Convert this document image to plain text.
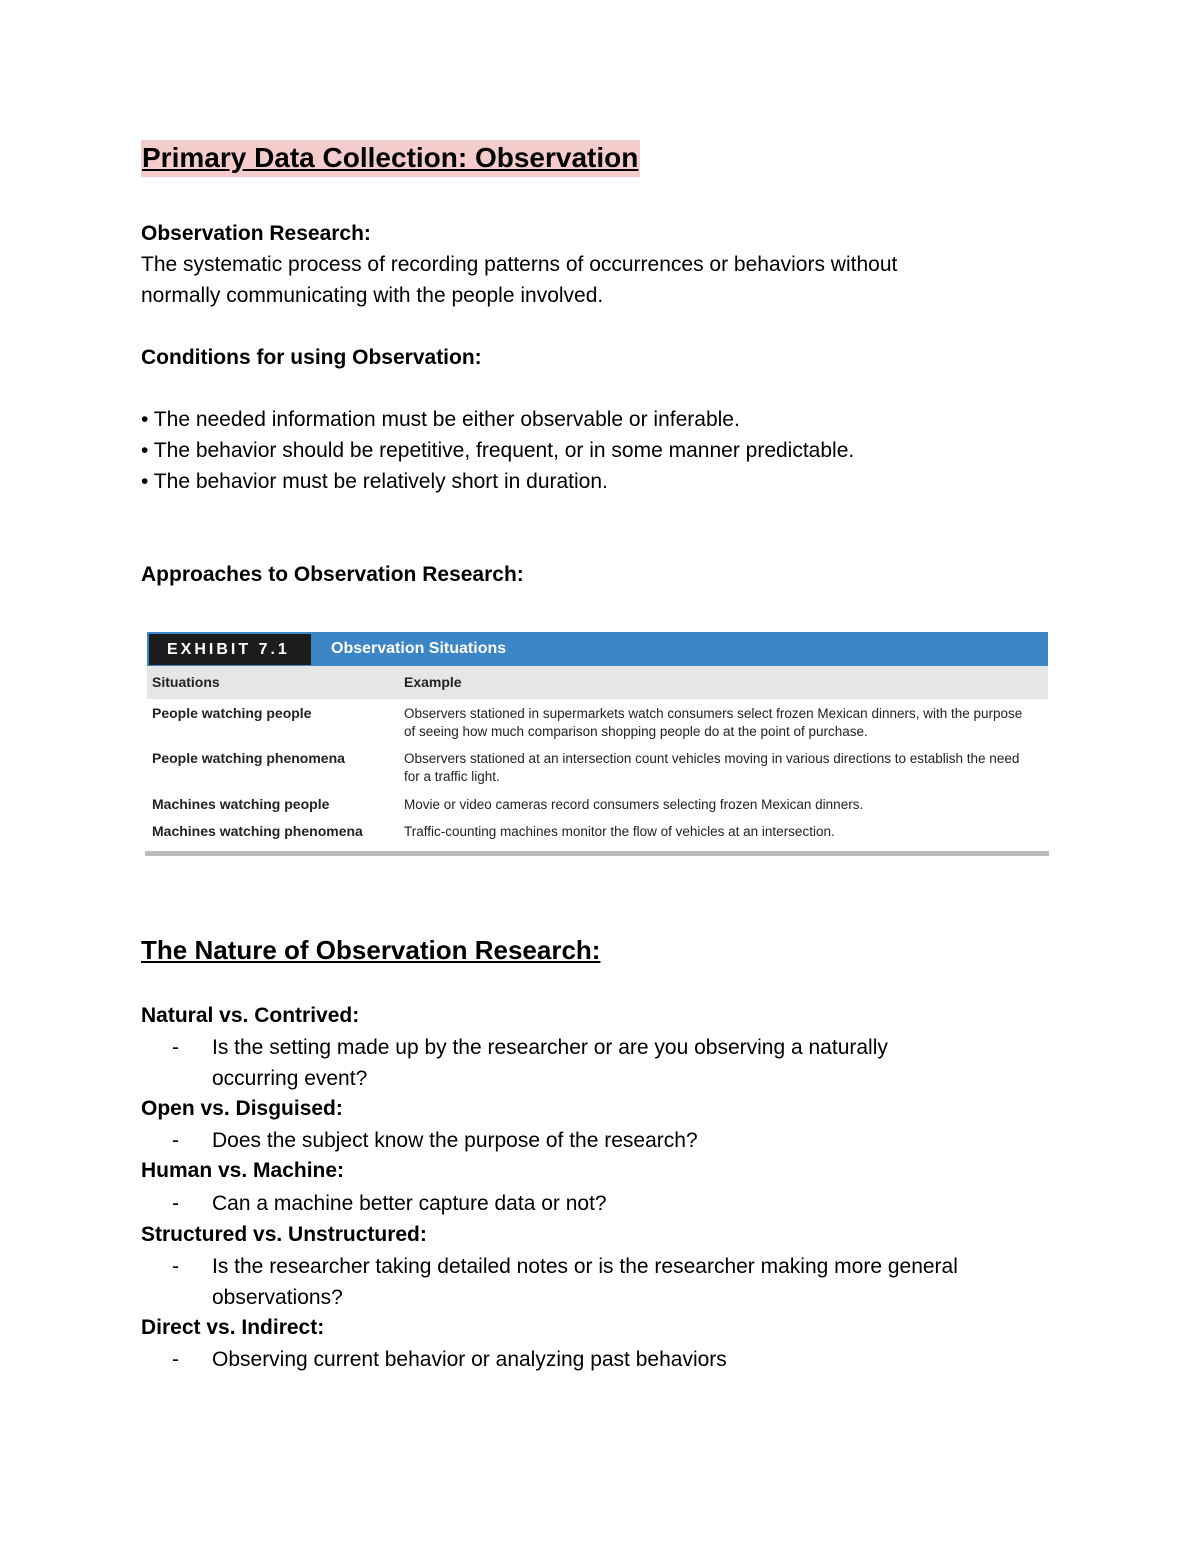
Primary Data Collection: Observation
Observation Research:
The systematic process of recording patterns of occurrences or behaviors without
normally communicating with the people involved.
Conditions for using Observation:
• The needed information must be either observable or inferable.
• The behavior should be repetitive, frequent, or in some manner predictable.
• The behavior must be relatively short in duration.
Approaches to Observation Research:
EXHIBIT 7.1	Observation Situations
Situations	Example
People watching people	Observers stationed in supermarkets watch consumers select frozen Mexican dinners, with the purpose of seeing how much comparison shopping people do at the point of purchase.
People watching phenomena	Observers stationed at an intersection count vehicles moving in various directions to establish the need for a traffic light.
Machines watching people	Movie or video cameras record consumers selecting frozen Mexican dinners.
Machines watching phenomena	Traffic-counting machines monitor the flow of vehicles at an intersection.
The Nature of Observation Research:
Natural vs. Contrived:
- Is the setting made up by the researcher or are you observing a naturally
occurring event?
Open vs. Disguised:
- Does the subject know the purpose of the research?
Human vs. Machine:
- Can a machine better capture data or not?
Structured vs. Unstructured:
- Is the researcher taking detailed notes or is the researcher making more general
observations?
Direct vs. Indirect:
- Observing current behavior or analyzing past behaviors
